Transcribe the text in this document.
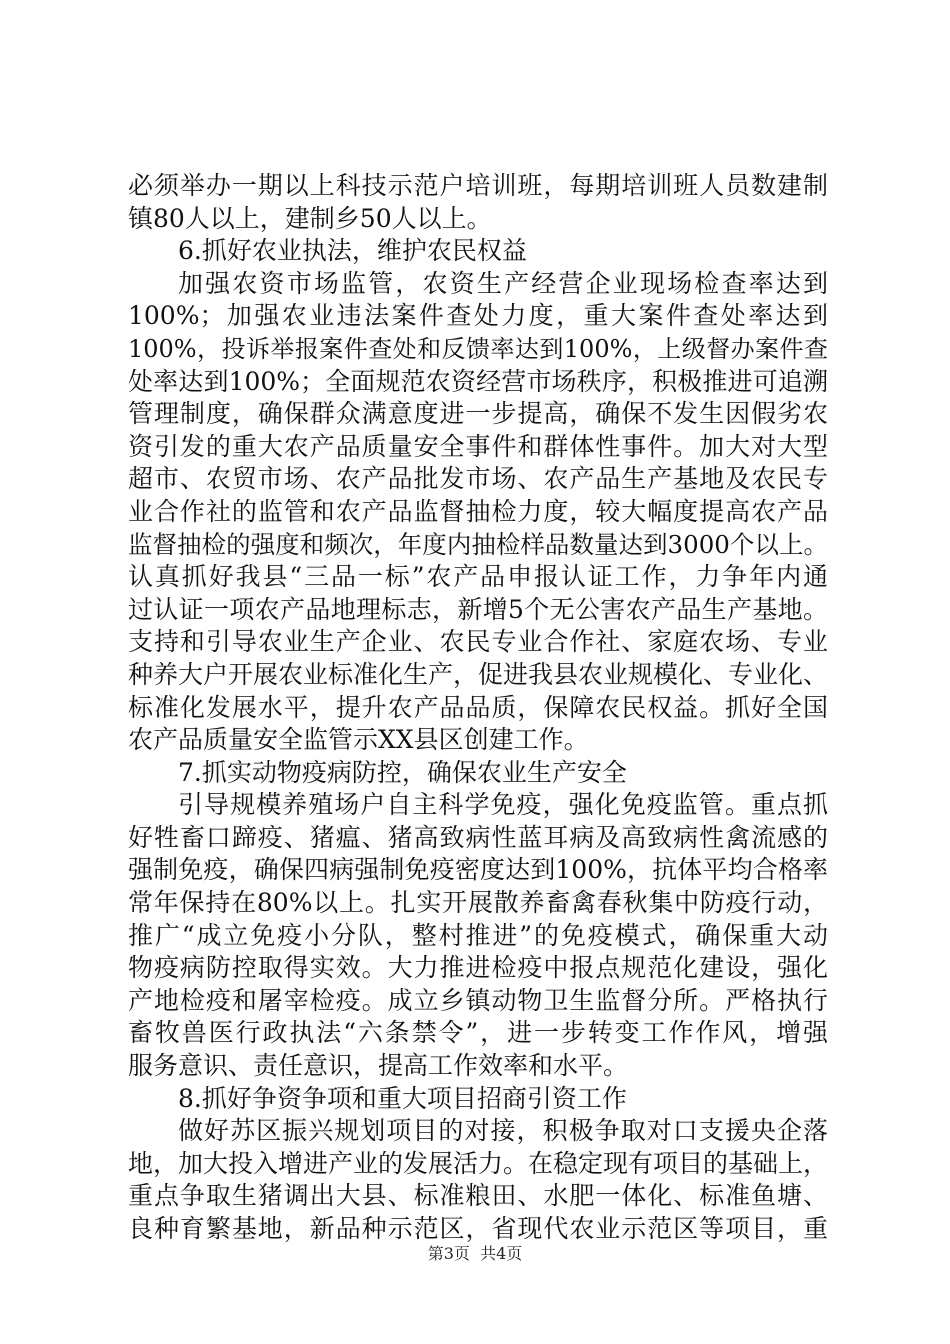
必须举办一期以上科技示范户培训班，每期培训班人员数建制
镇80人以上，建制乡50人以上。
6.抓好农业执法，维护农民权益
加强农资市场监管，农资生产经营企业现场检查率达到
100%；加强农业违法案件查处力度，重大案件查处率达到
100%，投诉举报案件查处和反馈率达到100%，上级督办案件查
处率达到100%；全面规范农资经营市场秩序，积极推进可追溯
管理制度，确保群众满意度进一步提高，确保不发生因假劣农
资引发的重大农产品质量安全事件和群体性事件。加大对大型
超市、农贸市场、农产品批发市场、农产品生产基地及农民专
业合作社的监管和农产品监督抽检力度，较大幅度提高农产品
监督抽检的强度和频次，年度内抽检样品数量达到3000个以上。
认真抓好我县“三品一标”农产品申报认证工作，力争年内通
过认证一项农产品地理标志，新增5个无公害农产品生产基地。
支持和引导农业生产企业、农民专业合作社、家庭农场、专业
种养大户开展农业标准化生产，促进我县农业规模化、专业化、
标准化发展水平，提升农产品品质，保障农民权益。抓好全国
农产品质量安全监管示XX县区创建工作。
7.抓实动物疫病防控，确保农业生产安全
引导规模养殖场户自主科学免疫，强化免疫监管。重点抓
好牲畜口蹄疫、猪瘟、猪高致病性蓝耳病及高致病性禽流感的
强制免疫，确保四病强制免疫密度达到100%，抗体平均合格率
常年保持在80%以上。扎实开展散养畜禽春秋集中防疫行动，
推广“成立免疫小分队，整村推进”的免疫模式，确保重大动
物疫病防控取得实效。大力推进检疫中报点规范化建设，强化
产地检疫和屠宰检疫。成立乡镇动物卫生监督分所。严格执行
畜牧兽医行政执法“六条禁令”，进一步转变工作作风，增强
服务意识、责任意识，提高工作效率和水平。
8.抓好争资争项和重大项目招商引资工作
做好苏区振兴规划项目的对接，积极争取对口支援央企落
地，加大投入增进产业的发展活力。在稳定现有项目的基础上，
重点争取生猪调出大县、标准粮田、水肥一体化、标准鱼塘、
良种育繁基地，新品种示范区，省现代农业示范区等项目，重
第3页  共4页
